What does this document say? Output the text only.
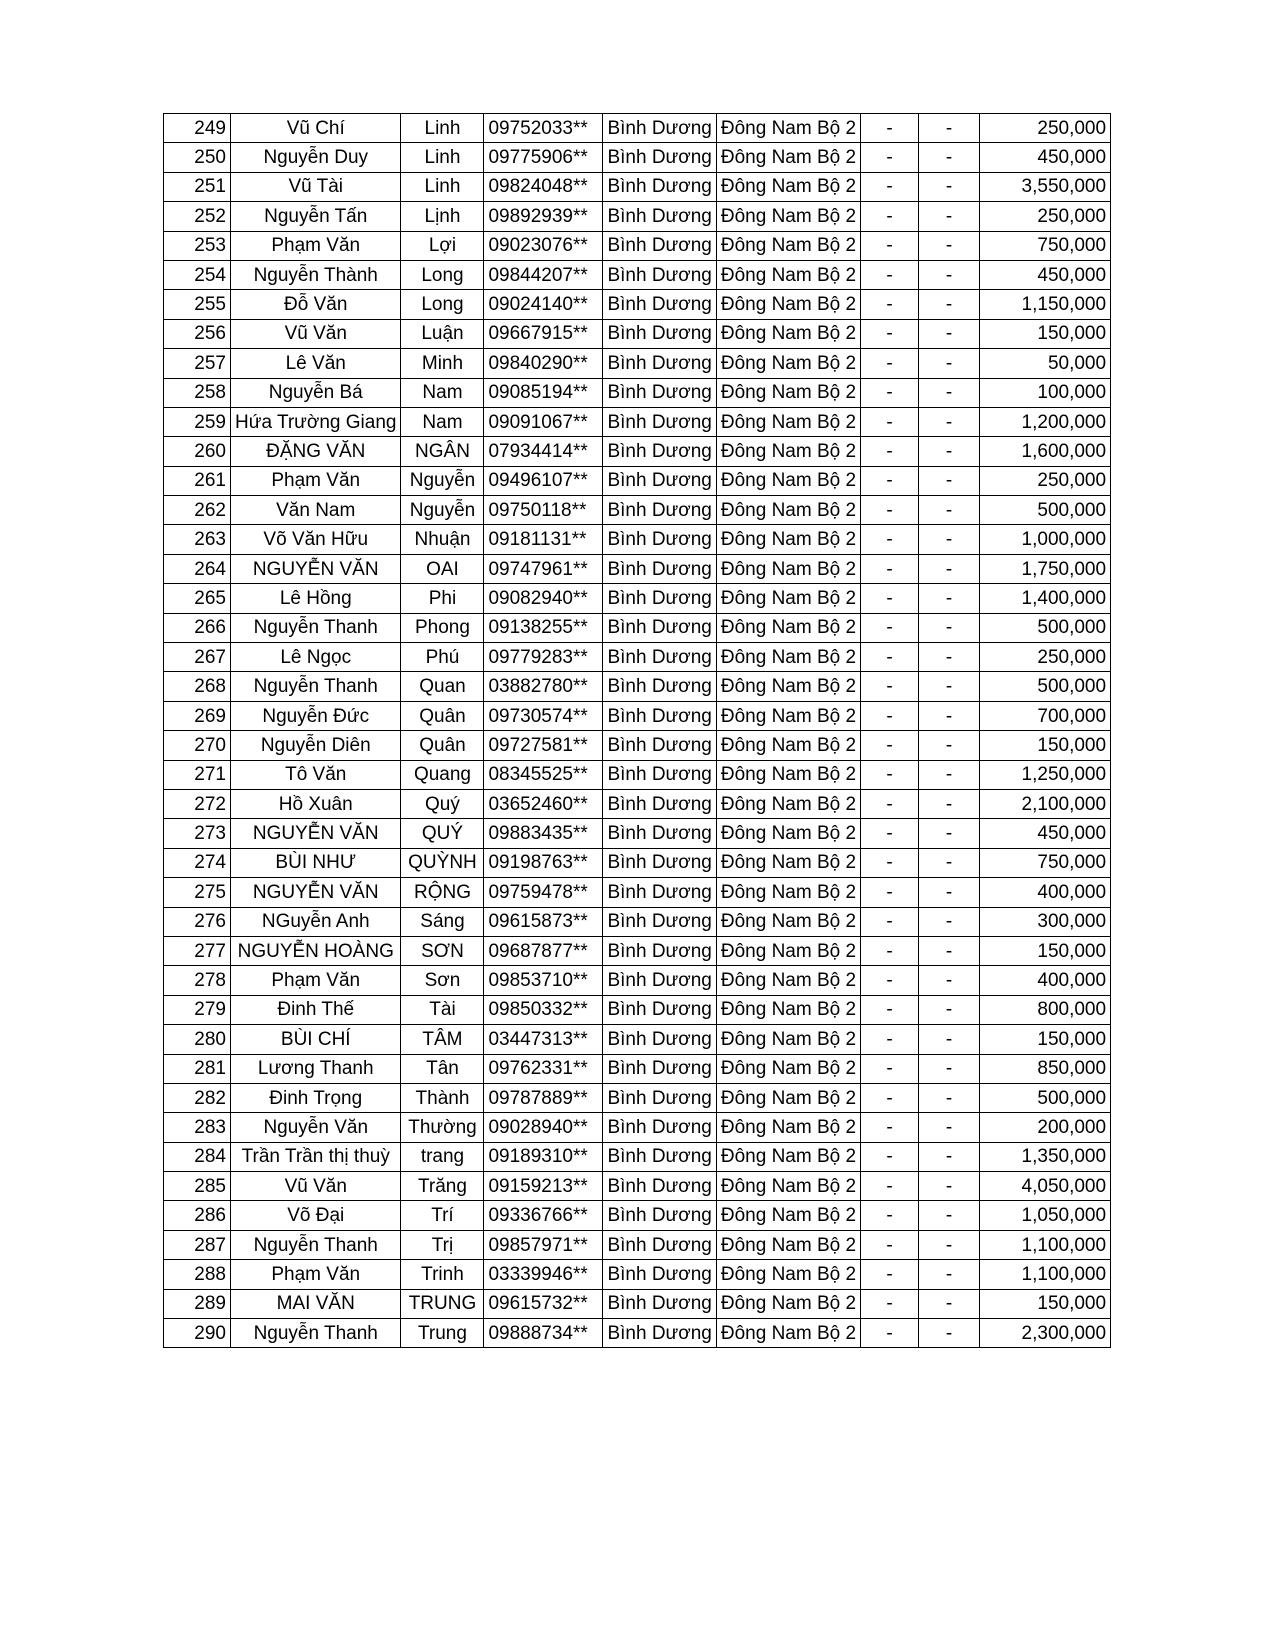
249	Vũ Chí	Linh	09752033**	Bình Dương	Đông Nam Bộ 2	-	-	250,000
250	Nguyễn Duy	Linh	09775906**	Bình Dương	Đông Nam Bộ 2	-	-	450,000
251	Vũ Tài	Linh	09824048**	Bình Dương	Đông Nam Bộ 2	-	-	3,550,000
252	Nguyễn Tấn	Lịnh	09892939**	Bình Dương	Đông Nam Bộ 2	-	-	250,000
253	Phạm Văn	Lợi	09023076**	Bình Dương	Đông Nam Bộ 2	-	-	750,000
254	Nguyễn Thành	Long	09844207**	Bình Dương	Đông Nam Bộ 2	-	-	450,000
255	Đỗ Văn	Long	09024140**	Bình Dương	Đông Nam Bộ 2	-	-	1,150,000
256	Vũ Văn	Luận	09667915**	Bình Dương	Đông Nam Bộ 2	-	-	150,000
257	Lê Văn	Minh	09840290**	Bình Dương	Đông Nam Bộ 2	-	-	50,000
258	Nguyễn Bá	Nam	09085194**	Bình Dương	Đông Nam Bộ 2	-	-	100,000
259	Hứa Trường Giang	Nam	09091067**	Bình Dương	Đông Nam Bộ 2	-	-	1,200,000
260	ĐẶNG VĂN	NGÂN	07934414**	Bình Dương	Đông Nam Bộ 2	-	-	1,600,000
261	Phạm Văn	Nguyễn	09496107**	Bình Dương	Đông Nam Bộ 2	-	-	250,000
262	Văn Nam	Nguyễn	09750118**	Bình Dương	Đông Nam Bộ 2	-	-	500,000
263	Võ Văn Hữu	Nhuận	09181131**	Bình Dương	Đông Nam Bộ 2	-	-	1,000,000
264	NGUYỄN VĂN	OAI	09747961**	Bình Dương	Đông Nam Bộ 2	-	-	1,750,000
265	Lê Hồng	Phi	09082940**	Bình Dương	Đông Nam Bộ 2	-	-	1,400,000
266	Nguyễn Thanh	Phong	09138255**	Bình Dương	Đông Nam Bộ 2	-	-	500,000
267	Lê Ngọc	Phú	09779283**	Bình Dương	Đông Nam Bộ 2	-	-	250,000
268	Nguyễn Thanh	Quan	03882780**	Bình Dương	Đông Nam Bộ 2	-	-	500,000
269	Nguyễn Đức	Quân	09730574**	Bình Dương	Đông Nam Bộ 2	-	-	700,000
270	Nguyễn Diên	Quân	09727581**	Bình Dương	Đông Nam Bộ 2	-	-	150,000
271	Tô Văn	Quang	08345525**	Bình Dương	Đông Nam Bộ 2	-	-	1,250,000
272	Hồ Xuân	Quý	03652460**	Bình Dương	Đông Nam Bộ 2	-	-	2,100,000
273	NGUYỄN VĂN	QUÝ	09883435**	Bình Dương	Đông Nam Bộ 2	-	-	450,000
274	BÙI NHƯ	QUỲNH	09198763**	Bình Dương	Đông Nam Bộ 2	-	-	750,000
275	NGUYỄN VĂN	RỘNG	09759478**	Bình Dương	Đông Nam Bộ 2	-	-	400,000
276	NGuyễn Anh	Sáng	09615873**	Bình Dương	Đông Nam Bộ 2	-	-	300,000
277	NGUYỄN HOÀNG	SƠN	09687877**	Bình Dương	Đông Nam Bộ 2	-	-	150,000
278	Phạm Văn	Sơn	09853710**	Bình Dương	Đông Nam Bộ 2	-	-	400,000
279	Đinh Thế	Tài	09850332**	Bình Dương	Đông Nam Bộ 2	-	-	800,000
280	BÙI CHÍ	TÂM	03447313**	Bình Dương	Đông Nam Bộ 2	-	-	150,000
281	Lương Thanh	Tân	09762331**	Bình Dương	Đông Nam Bộ 2	-	-	850,000
282	Đinh Trọng	Thành	09787889**	Bình Dương	Đông Nam Bộ 2	-	-	500,000
283	Nguyễn Văn	Thường	09028940**	Bình Dương	Đông Nam Bộ 2	-	-	200,000
284	Trần Trần thị thuỳ	trang	09189310**	Bình Dương	Đông Nam Bộ 2	-	-	1,350,000
285	Vũ Văn	Trăng	09159213**	Bình Dương	Đông Nam Bộ 2	-	-	4,050,000
286	Võ Đại	Trí	09336766**	Bình Dương	Đông Nam Bộ 2	-	-	1,050,000
287	Nguyễn Thanh	Trị	09857971**	Bình Dương	Đông Nam Bộ 2	-	-	1,100,000
288	Phạm Văn	Trinh	03339946**	Bình Dương	Đông Nam Bộ 2	-	-	1,100,000
289	MAI VĂN	TRUNG	09615732**	Bình Dương	Đông Nam Bộ 2	-	-	150,000
290	Nguyễn Thanh	Trung	09888734**	Bình Dương	Đông Nam Bộ 2	-	-	2,300,000
